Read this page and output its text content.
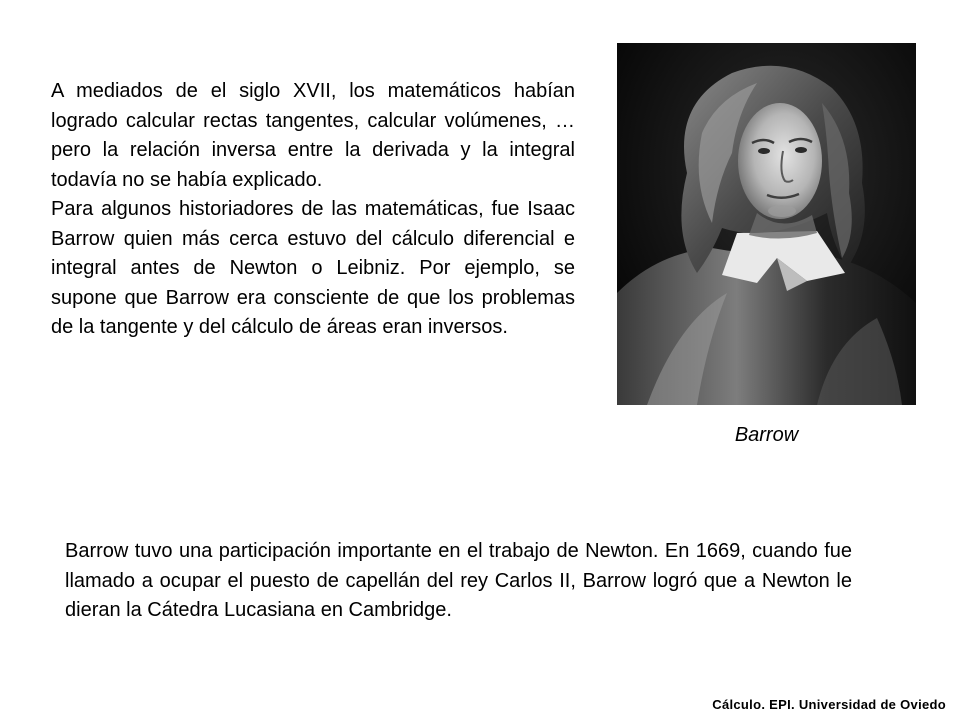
A mediados de el siglo XVII, los matemáticos habían logrado calcular rectas tangentes, calcular volúmenes, … pero la relación inversa entre la derivada y la integral todavía no se había explicado.

Para algunos historiadores de las matemáticas, fue Isaac Barrow quien más cerca estuvo del cálculo diferencial e integral antes de Newton o Leibniz. Por ejemplo, se supone que Barrow era consciente de que los problemas de la tangente y del cálculo de áreas eran inversos.

Barrow

Barrow tuvo una participación importante en el trabajo de Newton. En 1669, cuando fue llamado a ocupar el puesto de capellán del rey Carlos II, Barrow logró que a Newton le dieran la Cátedra Lucasiana en Cambridge.

Cálculo. EPI. Universidad de Oviedo
